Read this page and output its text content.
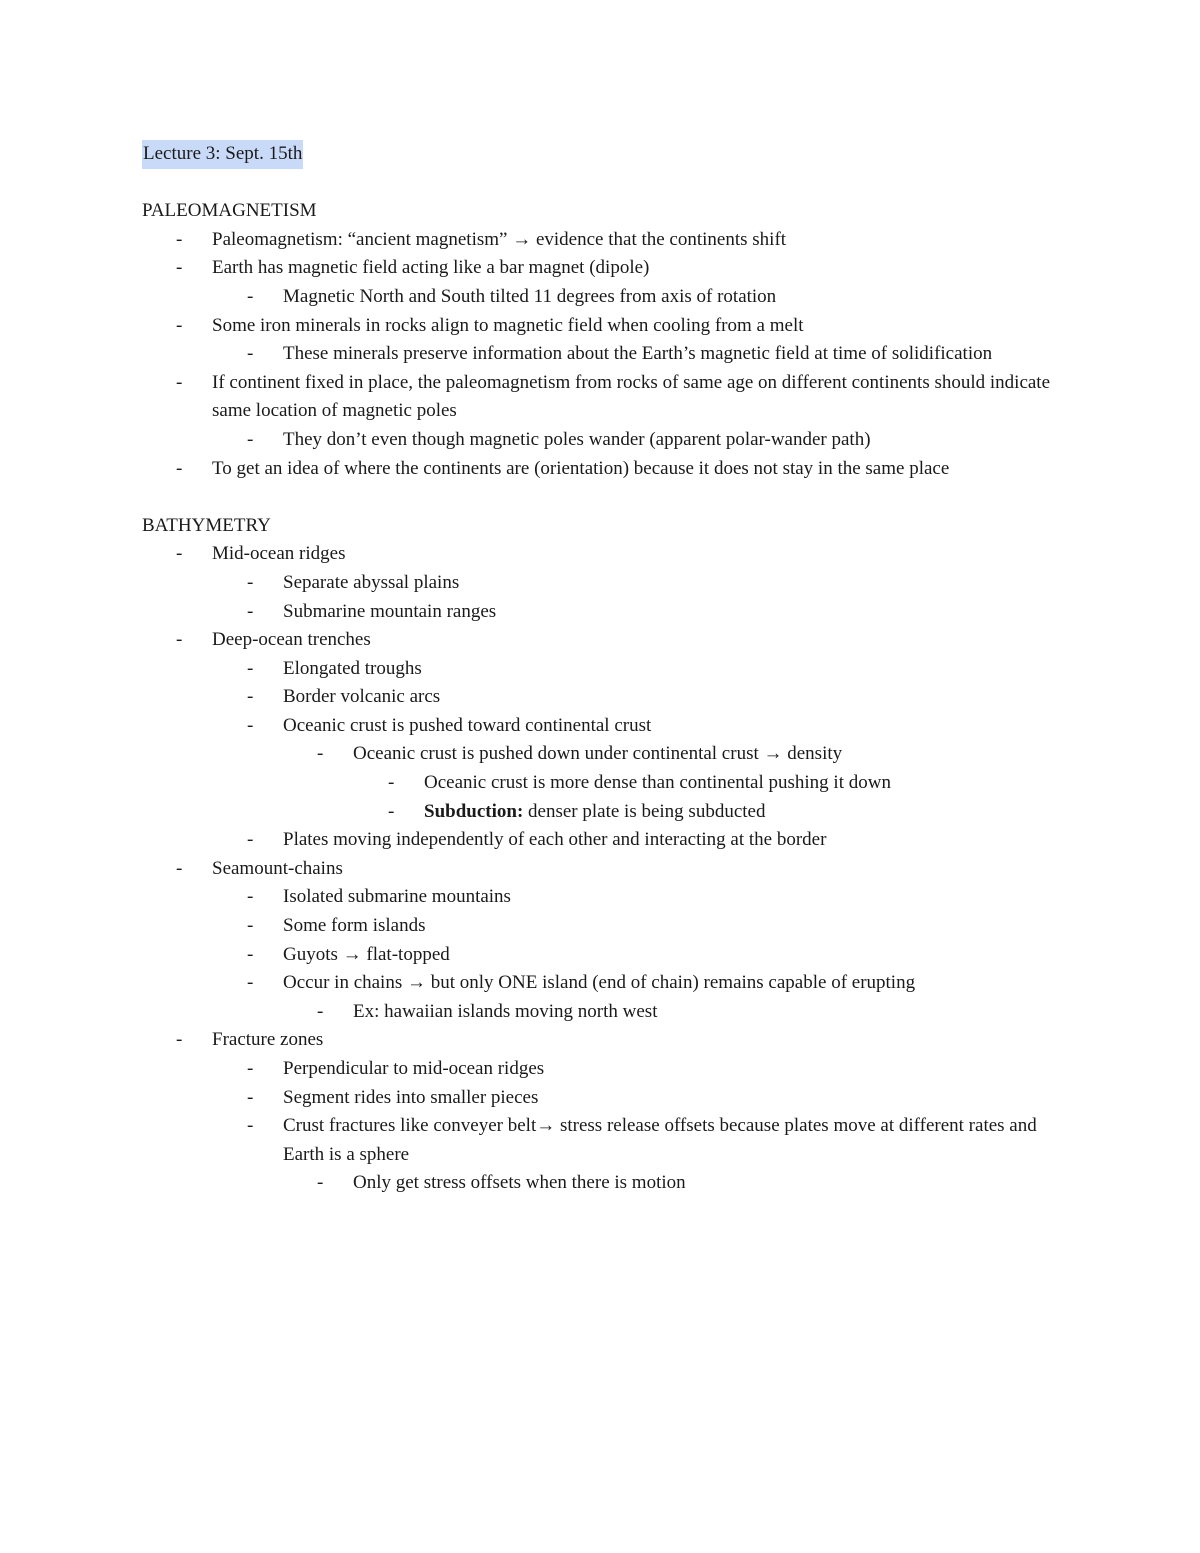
Lecture 3: Sept. 15th
PALEOMAGNETISM
- Paleomagnetism: “ancient magnetism” → evidence that the continents shift
- Earth has magnetic field acting like a bar magnet (dipole)
- Magnetic North and South tilted 11 degrees from axis of rotation
- Some iron minerals in rocks align to magnetic field when cooling from a melt
- These minerals preserve information about the Earth’s magnetic field at time of solidification
- If continent fixed in place, the paleomagnetism from rocks of same age on different continents should indicate same location of magnetic poles
- They don’t even though magnetic poles wander (apparent polar-wander path)
- To get an idea of where the continents are (orientation) because it does not stay in the same place
BATHYMETRY
- Mid-ocean ridges
- Separate abyssal plains
- Submarine mountain ranges
- Deep-ocean trenches
- Elongated troughs
- Border volcanic arcs
- Oceanic crust is pushed toward continental crust
- Oceanic crust is pushed down under continental crust → density
- Oceanic crust is more dense than continental pushing it down
- Subduction: denser plate is being subducted
- Plates moving independently of each other and interacting at the border
- Seamount-chains
- Isolated submarine mountains
- Some form islands
- Guyots → flat-topped
- Occur in chains → but only ONE island (end of chain) remains capable of erupting
- Ex: hawaiian islands moving north west
- Fracture zones
- Perpendicular to mid-ocean ridges
- Segment rides into smaller pieces
- Crust fractures like conveyer belt→ stress release offsets because plates move at different rates and Earth is a sphere
- Only get stress offsets when there is motion
